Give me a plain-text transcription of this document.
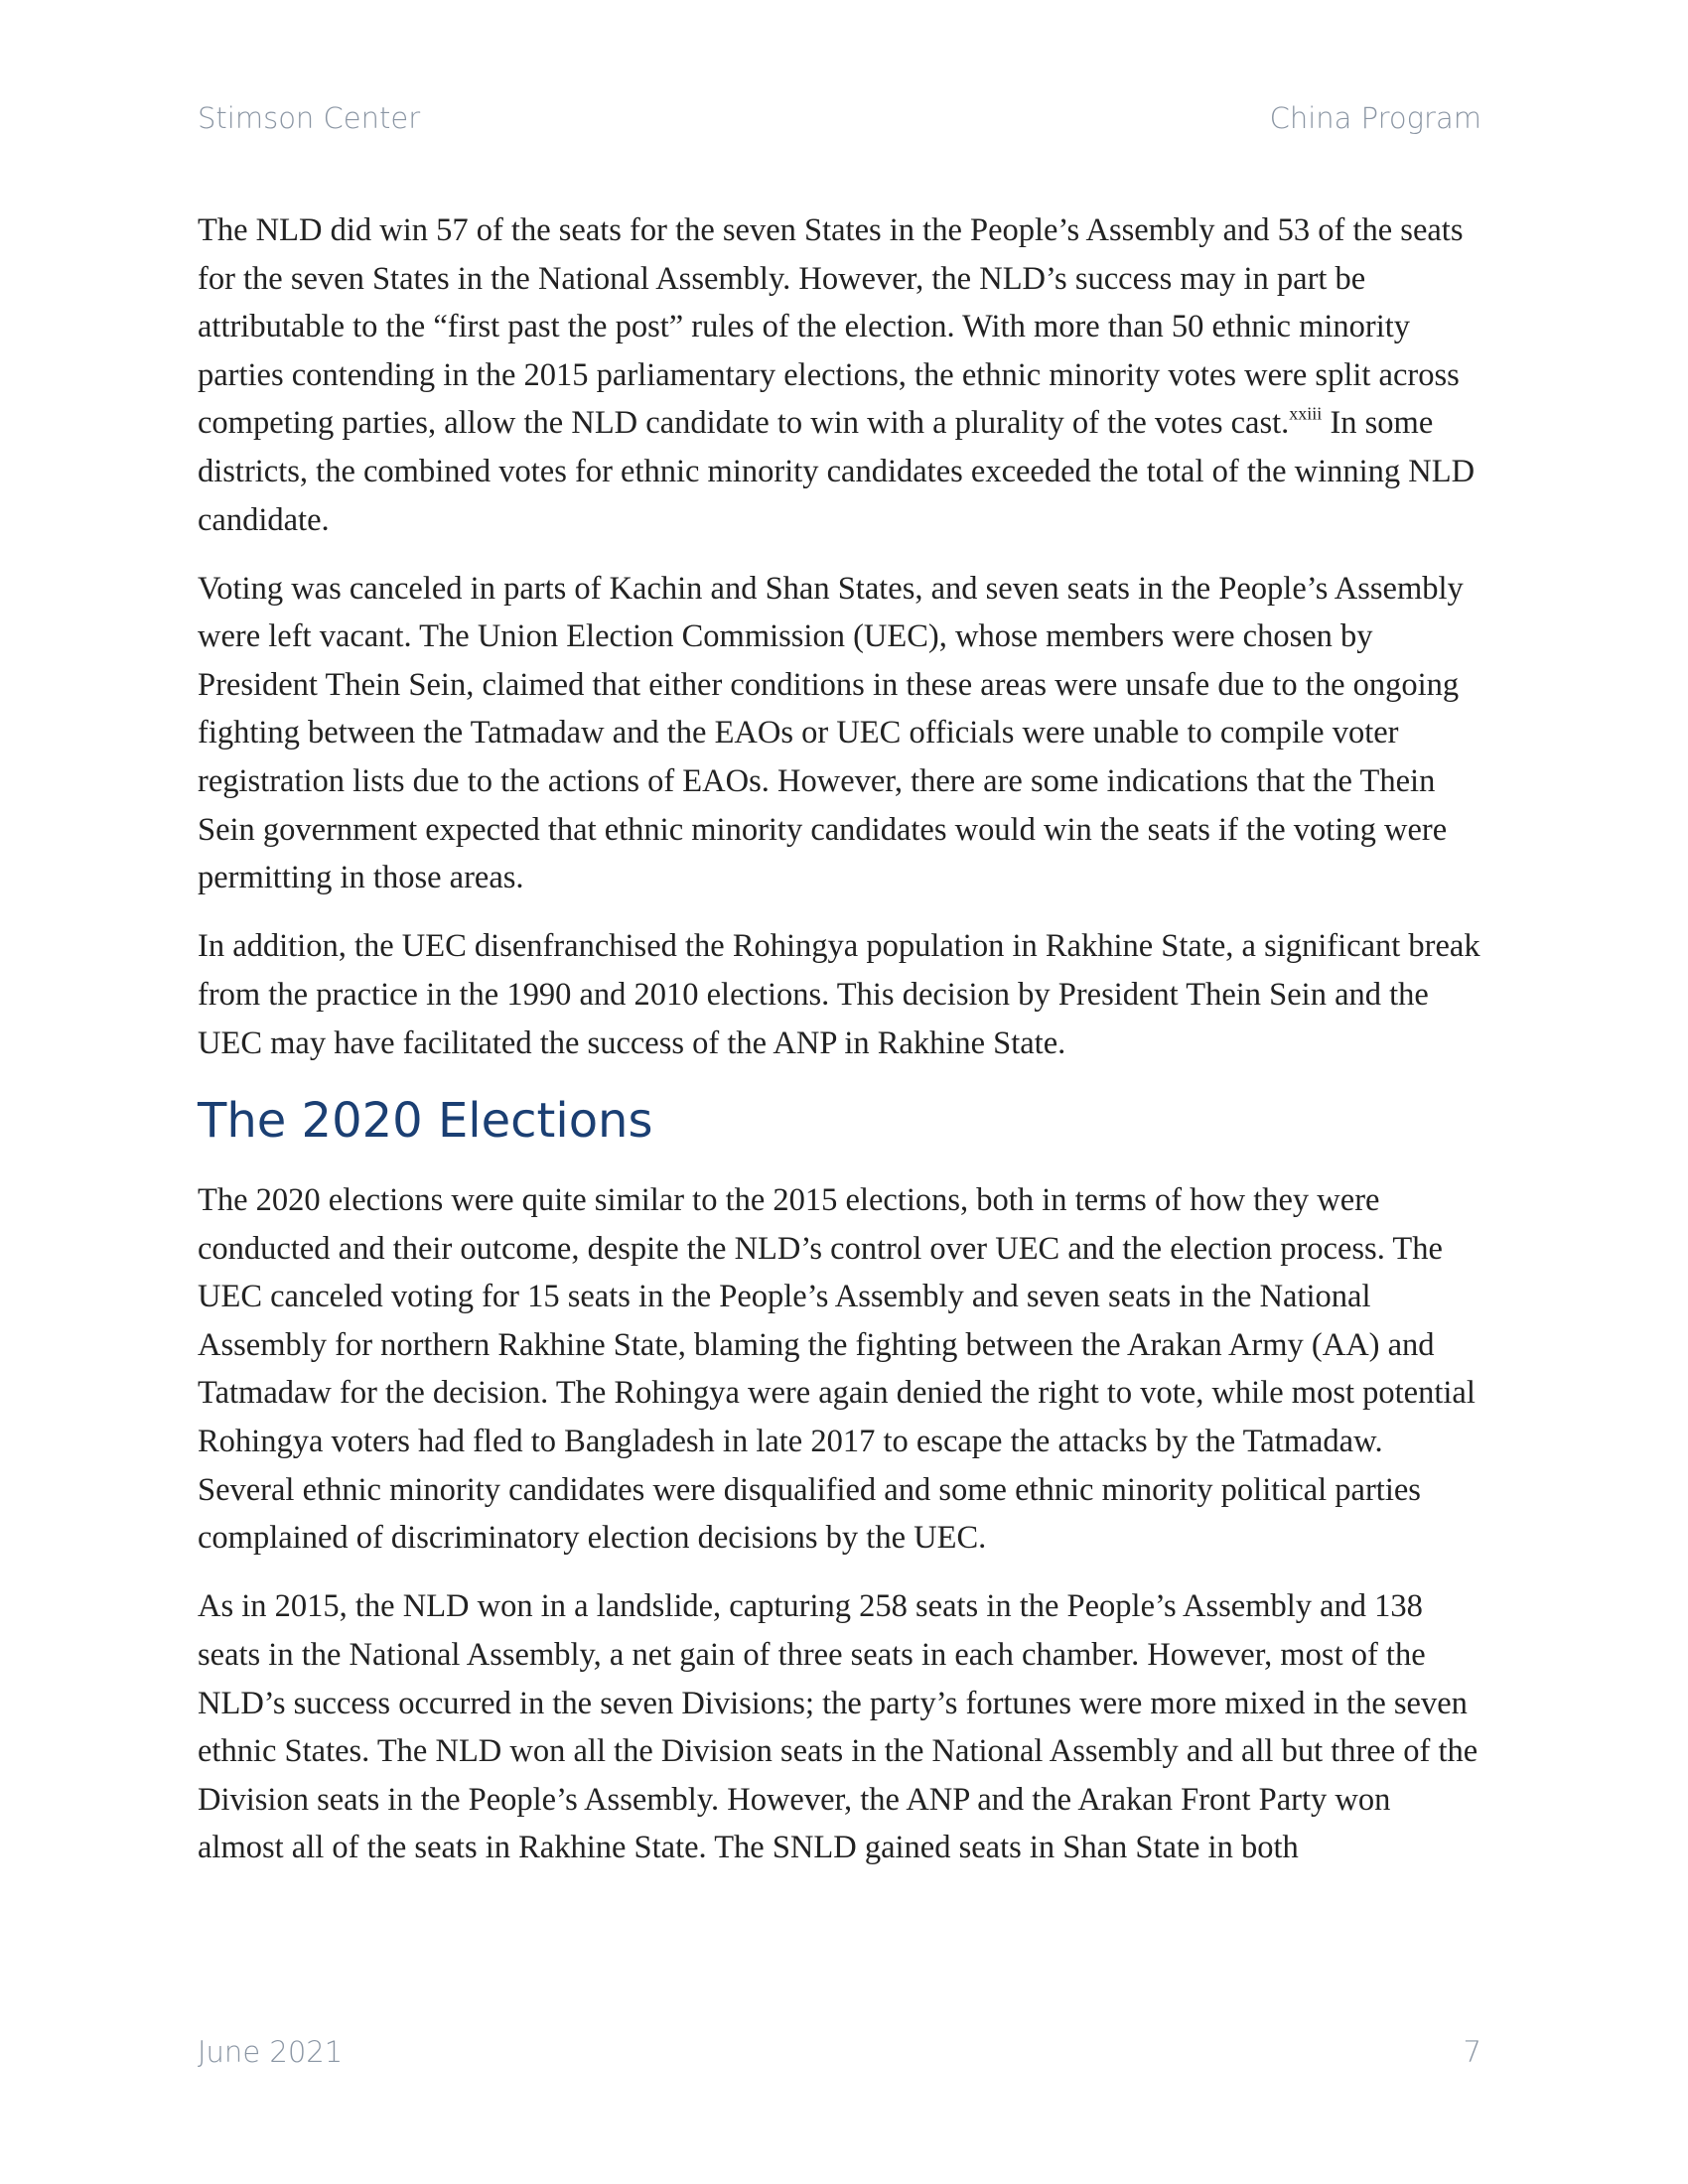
Stimson Center	China Program

The NLD did win 57 of the seats for the seven States in the People’s Assembly and 53 of the seats for the seven States in the National Assembly. However, the NLD’s success may in part be attributable to the “first past the post” rules of the election. With more than 50 ethnic minority parties contending in the 2015 parliamentary elections, the ethnic minority votes were split across competing parties, allow the NLD candidate to win with a plurality of the votes cast.$^{xxiii}$ In some districts, the combined votes for ethnic minority candidates exceeded the total of the winning NLD candidate.

Voting was canceled in parts of Kachin and Shan States, and seven seats in the People’s Assembly were left vacant. The Union Election Commission (UEC), whose members were chosen by President Thein Sein, claimed that either conditions in these areas were unsafe due to the ongoing fighting between the Tatmadaw and the EAOs or UEC officials were unable to compile voter registration lists due to the actions of EAOs. However, there are some indications that the Thein Sein government expected that ethnic minority candidates would win the seats if the voting were permitting in those areas.

In addition, the UEC disenfranchised the Rohingya population in Rakhine State, a significant break from the practice in the 1990 and 2010 elections. This decision by President Thein Sein and the UEC may have facilitated the success of the ANP in Rakhine State.

The 2020 Elections

The 2020 elections were quite similar to the 2015 elections, both in terms of how they were conducted and their outcome, despite the NLD’s control over UEC and the election process. The UEC canceled voting for 15 seats in the People’s Assembly and seven seats in the National Assembly for northern Rakhine State, blaming the fighting between the Arakan Army (AA) and Tatmadaw for the decision. The Rohingya were again denied the right to vote, while most potential Rohingya voters had fled to Bangladesh in late 2017 to escape the attacks by the Tatmadaw. Several ethnic minority candidates were disqualified and some ethnic minority political parties complained of discriminatory election decisions by the UEC.

As in 2015, the NLD won in a landslide, capturing 258 seats in the People’s Assembly and 138 seats in the National Assembly, a net gain of three seats in each chamber. However, most of the NLD’s success occurred in the seven Divisions; the party’s fortunes were more mixed in the seven ethnic States. The NLD won all the Division seats in the National Assembly and all but three of the Division seats in the People’s Assembly. However, the ANP and the Arakan Front Party won almost all of the seats in Rakhine State. The SNLD gained seats in Shan State in both

June 2021	7
